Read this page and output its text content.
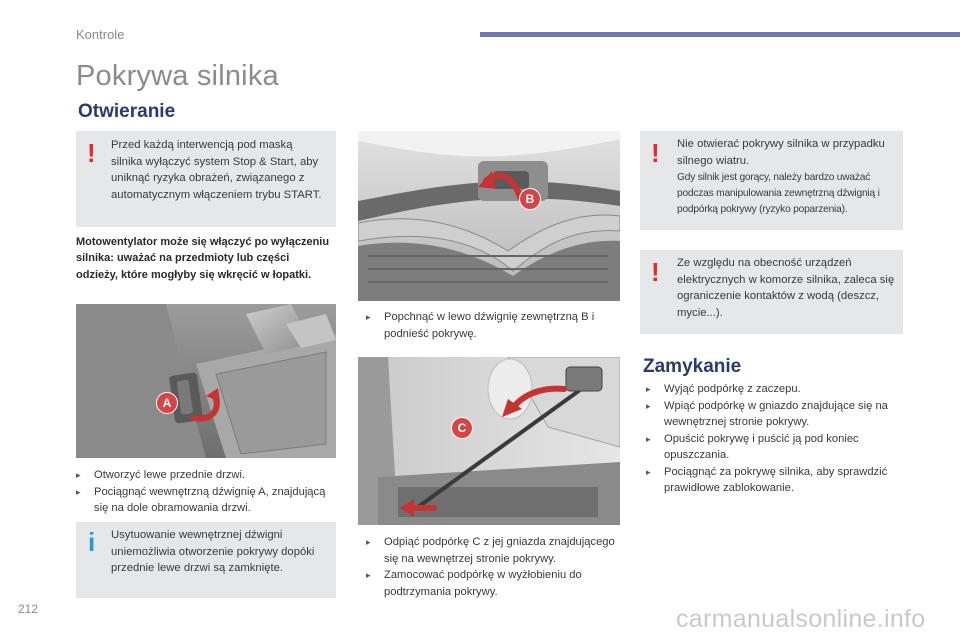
Kontrole
Pokrywa silnika
Otwieranie
! Przed każdą interwencją pod maską silnika wyłączyć system Stop & Start, aby uniknąć ryzyka obrażeń, związanego z automatycznym włączeniem trybu START.
Motowentylator może się włączyć po wyłączeniu silnika: uważać na przedmioty lub części odzieży, które mogłyby się wkręcić w łopatki.
A
▸ Otworzyć lewe przednie drzwi.
▸ Pociągnąć wewnętrzną dźwignię A, znajdującą się na dole obramowania drzwi.
i Usytuowanie wewnętrznej dźwigni uniemożliwia otworzenie pokrywy dopóki przednie lewe drzwi są zamknięte.
B
▸ Popchnąć w lewo dźwignię zewnętrzną B i podnieść pokrywę.
C
▸ Odpiąć podpórkę C z jej gniazda znajdującego się na wewnętrzej stronie pokrywy.
▸ Zamocować podpórkę w wyżłobieniu do podtrzymania pokrywy.
! Nie otwierać pokrywy silnika w przypadku silnego wiatru.
Gdy silnik jest gorący, należy bardzo uważać podczas manipulowania zewnętrzną dźwignią i podpórką pokrywy (ryzyko poparzenia).
! Ze względu na obecność urządzeń elektrycznych w komorze silnika, zaleca się ograniczenie kontaktów z wodą (deszcz, mycie...).
Zamykanie
▸ Wyjąć podpórkę z zaczepu.
▸ Wpiąć podpórkę w gniazdo znajdujące się na wewnętrznej stronie pokrywy.
▸ Opuścić pokrywę i puścić ją pod koniec opuszczania.
▸ Pociągnąć za pokrywę silnika, aby sprawdzić prawidłowe zablokowanie.
212	carmanualsonline.info
